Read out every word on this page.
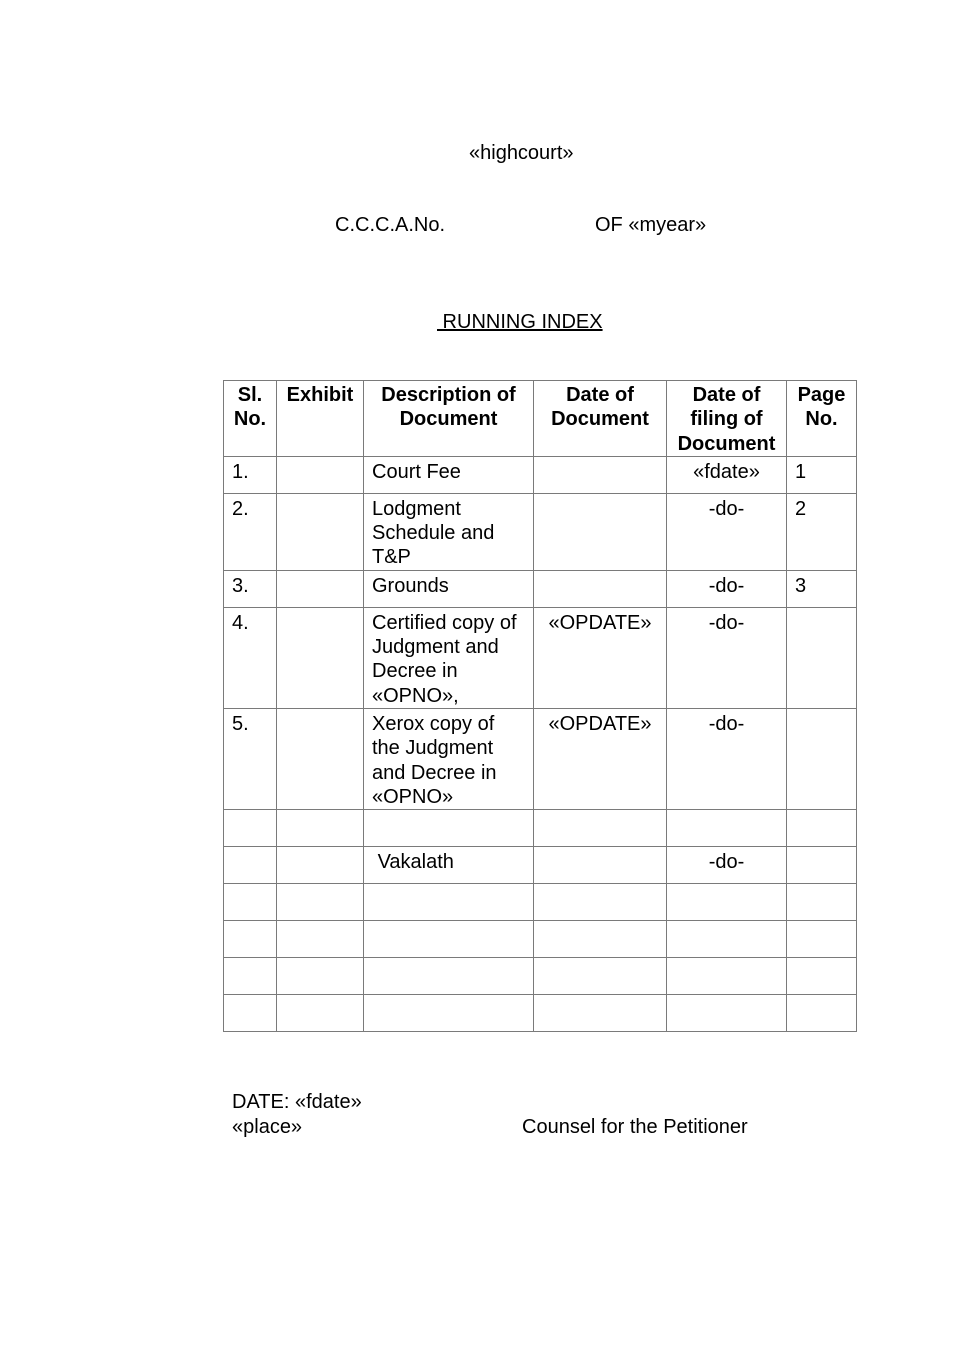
«highcourt»
C.C.C.A.No.	OF «myear»
RUNNING INDEX
Sl. No.	Exhibit	Description of Document	Date of Document	Date of filing of Document	Page No.
1.		Court Fee		«fdate»	1
2.		Lodgment Schedule and T&P		-do-	2
3.		Grounds		-do-	3
4.		Certified copy of Judgment and Decree in «OPNO»,	«OPDATE»	-do-	
5.		Xerox copy of the Judgment and Decree in «OPNO»	«OPDATE»	-do-	

		Vakalath		-do-	

DATE: «fdate»
«place»	Counsel for the Petitioner
